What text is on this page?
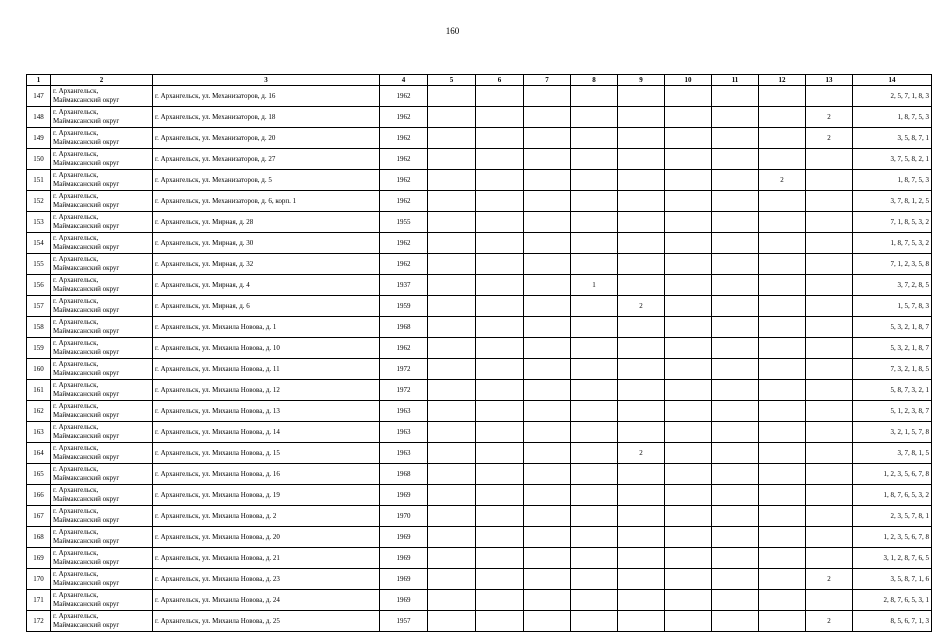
160
1	2	3	4	5	6	7	8	9	10	11	12	13	14
147	г. Архангельск,
Маймаксанский округ	г. Архангельск, ул. Механизаторов, д. 16	1962										2, 5, 7, 1, 8, 3
148	г. Архангельск,
Маймаксанский округ	г. Архангельск, ул. Механизаторов, д. 18	1962									2	1, 8, 7, 5, 3
149	г. Архангельск,
Маймаксанский округ	г. Архангельск, ул. Механизаторов, д. 20	1962									2	3, 5, 8, 7, 1
150	г. Архангельск,
Маймаксанский округ	г. Архангельск, ул. Механизаторов, д. 27	1962										3, 7, 5, 8, 2, 1
151	г. Архангельск,
Маймаксанский округ	г. Архангельск, ул. Механизаторов, д. 5	1962								2		1, 8, 7, 5, 3
152	г. Архангельск,
Маймаксанский округ	г. Архангельск, ул. Механизаторов, д. 6, корп. 1	1962										3, 7, 8, 1, 2, 5
153	г. Архангельск,
Маймаксанский округ	г. Архангельск, ул. Мирная, д. 28	1955										7, 1, 8, 5, 3, 2
154	г. Архангельск,
Маймаксанский округ	г. Архангельск, ул. Мирная, д. 30	1962										1, 8, 7, 5, 3, 2
155	г. Архангельск,
Маймаксанский округ	г. Архангельск, ул. Мирная, д. 32	1962										7, 1, 2, 3, 5, 8
156	г. Архангельск,
Маймаксанский округ	г. Архангельск, ул. Мирная, д. 4	1937				1						3, 7, 2, 8, 5
157	г. Архангельск,
Маймаксанский округ	г. Архангельск, ул. Мирная, д. 6	1959					2					1, 5, 7, 8, 3
158	г. Архангельск,
Маймаксанский округ	г. Архангельск, ул. Михаила Новова, д. 1	1968										5, 3, 2, 1, 8, 7
159	г. Архангельск,
Маймаксанский округ	г. Архангельск, ул. Михаила Новова, д. 10	1962										5, 3, 2, 1, 8, 7
160	г. Архангельск,
Маймаксанский округ	г. Архангельск, ул. Михаила Новова, д. 11	1972										7, 3, 2, 1, 8, 5
161	г. Архангельск,
Маймаксанский округ	г. Архангельск, ул. Михаила Новова, д. 12	1972										5, 8, 7, 3, 2, 1
162	г. Архангельск,
Маймаксанский округ	г. Архангельск, ул. Михаила Новова, д. 13	1963										5, 1, 2, 3, 8, 7
163	г. Архангельск,
Маймаксанский округ	г. Архангельск, ул. Михаила Новова, д. 14	1963										3, 2, 1, 5, 7, 8
164	г. Архангельск,
Маймаксанский округ	г. Архангельск, ул. Михаила Новова, д. 15	1963					2					3, 7, 8, 1, 5
165	г. Архангельск,
Маймаксанский округ	г. Архангельск, ул. Михаила Новова, д. 16	1968										1, 2, 3, 5, 6, 7, 8
166	г. Архангельск,
Маймаксанский округ	г. Архангельск, ул. Михаила Новова, д. 19	1969										1, 8, 7, 6, 5, 3, 2
167	г. Архангельск,
Маймаксанский округ	г. Архангельск, ул. Михаила Новова, д. 2	1970										2, 3, 5, 7, 8, 1
168	г. Архангельск,
Маймаксанский округ	г. Архангельск, ул. Михаила Новова, д. 20	1969										1, 2, 3, 5, 6, 7, 8
169	г. Архангельск,
Маймаксанский округ	г. Архангельск, ул. Михаила Новова, д. 21	1969										3, 1, 2, 8, 7, 6, 5
170	г. Архангельск,
Маймаксанский округ	г. Архангельск, ул. Михаила Новова, д. 23	1969									2	3, 5, 8, 7, 1, 6
171	г. Архангельск,
Маймаксанский округ	г. Архангельск, ул. Михаила Новова, д. 24	1969										2, 8, 7, 6, 5, 3, 1
172	г. Архангельск,
Маймаксанский округ	г. Архангельск, ул. Михаила Новова, д. 25	1957									2	8, 5, 6, 7, 1, 3
